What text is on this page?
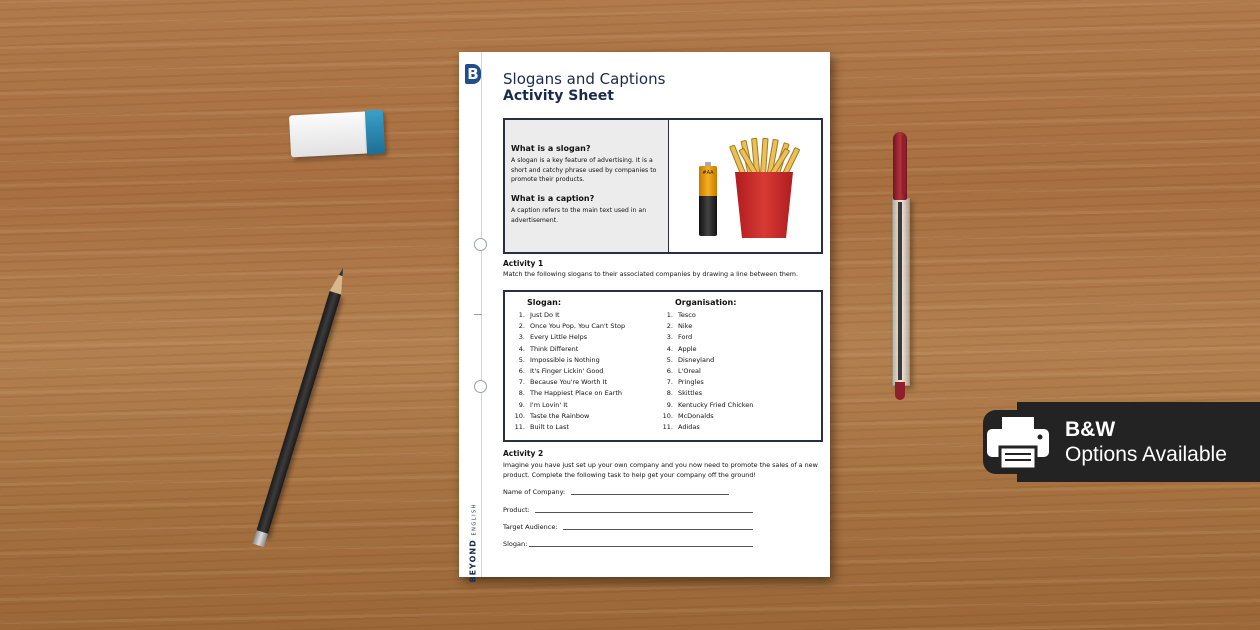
B
BEYOND ENGLISH
Slogans and Captions
Activity Sheet
What is a slogan?
A slogan is a key feature of advertising. It is a short and catchy phrase used by companies to promote their products.
What is a caption?
A caption refers to the main text used in an advertisement.
#AA
Activity 1
Match the following slogans to their associated companies by drawing a line between them.
Slogan:
1. Just Do It
2. Once You Pop, You Can't Stop
3. Every Little Helps
4. Think Different
5. Impossible is Nothing
6. It's Finger Lickin' Good
7. Because You're Worth It
8. The Happiest Place on Earth
9. I'm Lovin' It
10. Taste the Rainbow
11. Built to Last
Organisation:
1. Tesco
2. Nike
3. Ford
4. Apple
5. Disneyland
6. L'Oreal
7. Pringles
8. Skittles
9. Kentucky Fried Chicken
10. McDonalds
11. Adidas
Activity 2
Imagine you have just set up your own company and you now need to promote the sales of a new product. Complete the following task to help get your company off the ground!
Name of Company:
Product:
Target Audience:
Slogan:
B&W
Options Available
